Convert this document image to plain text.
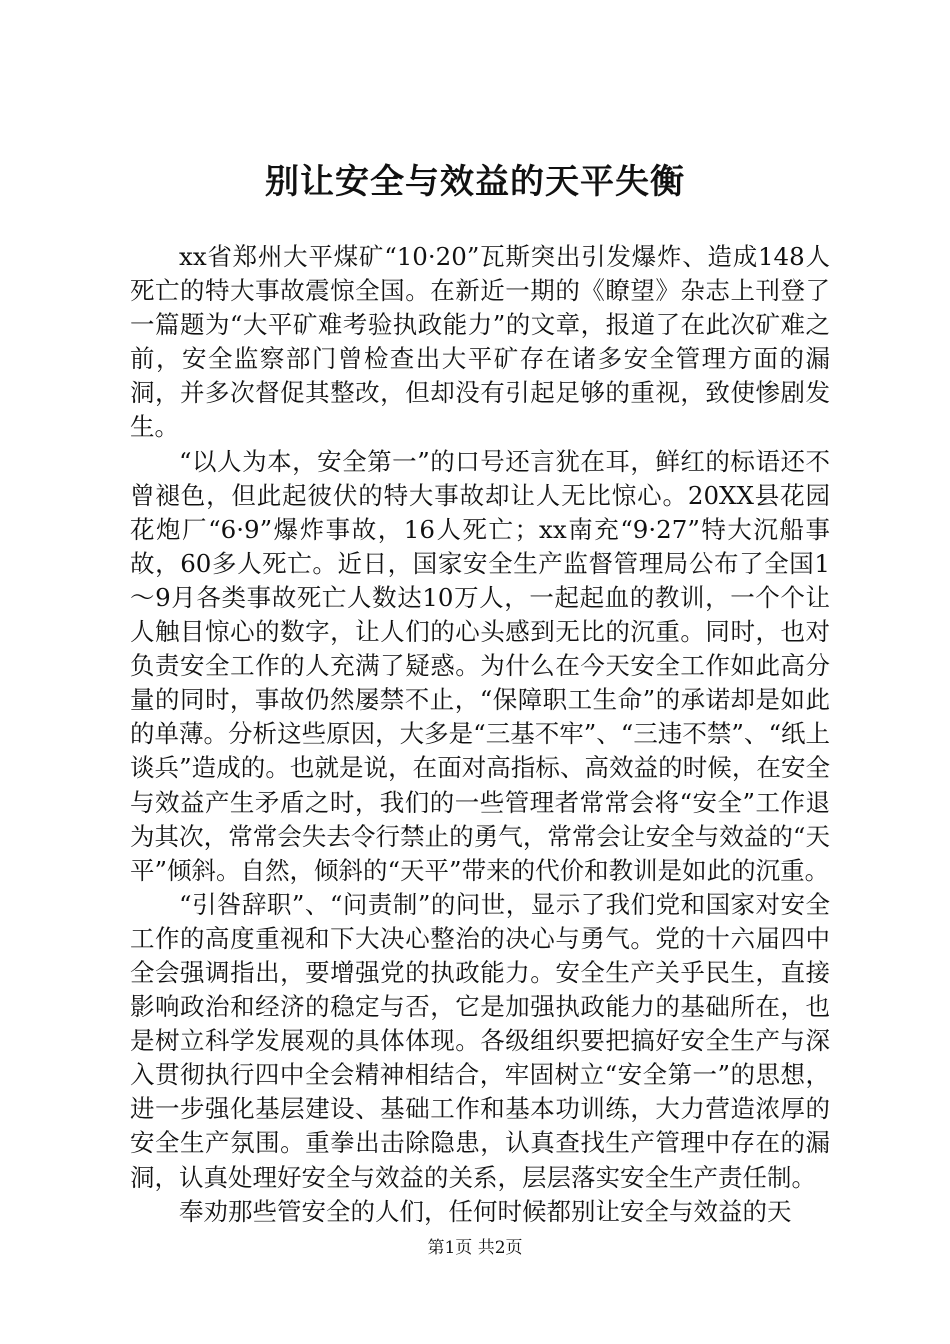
别让安全与效益的天平失衡

xx省郑州大平煤矿“10·20”瓦斯突出引发爆炸、造成148人死亡的特大事故震惊全国。在新近一期的《瞭望》杂志上刊登了一篇题为“大平矿难考验执政能力”的文章，报道了在此次矿难之前，安全监察部门曾检查出大平矿存在诸多安全管理方面的漏洞，并多次督促其整改，但却没有引起足够的重视，致使惨剧发生。

“以人为本，安全第一”的口号还言犹在耳，鲜红的标语还不曾褪色，但此起彼伏的特大事故却让人无比惊心。20XX县花园花炮厂“6·9”爆炸事故，16人死亡；xx南充“9·27”特大沉船事故，60多人死亡。近日，国家安全生产监督管理局公布了全国1～9月各类事故死亡人数达10万人，一起起血的教训，一个个让人触目惊心的数字，让人们的心头感到无比的沉重。同时，也对负责安全工作的人充满了疑惑。为什么在今天安全工作如此高分量的同时，事故仍然屡禁不止，“保障职工生命”的承诺却是如此的单薄。分析这些原因，大多是“三基不牢”、“三违不禁”、“纸上谈兵”造成的。也就是说，在面对高指标、高效益的时候，在安全与效益产生矛盾之时，我们的一些管理者常常会将“安全”工作退为其次，常常会失去令行禁止的勇气，常常会让安全与效益的“天平”倾斜。自然，倾斜的“天平”带来的代价和教训是如此的沉重。

“引咎辞职”、“问责制”的问世，显示了我们党和国家对安全工作的高度重视和下大决心整治的决心与勇气。党的十六届四中全会强调指出，要增强党的执政能力。安全生产关乎民生，直接影响政治和经济的稳定与否，它是加强执政能力的基础所在，也是树立科学发展观的具体体现。各级组织要把搞好安全生产与深入贯彻执行四中全会精神相结合，牢固树立“安全第一”的思想，进一步强化基层建设、基础工作和基本功训练，大力营造浓厚的安全生产氛围。重拳出击除隐患，认真查找生产管理中存在的漏洞，认真处理好安全与效益的关系，层层落实安全生产责任制。

奉劝那些管安全的人们，任何时候都别让安全与效益的天

第1页 共2页
